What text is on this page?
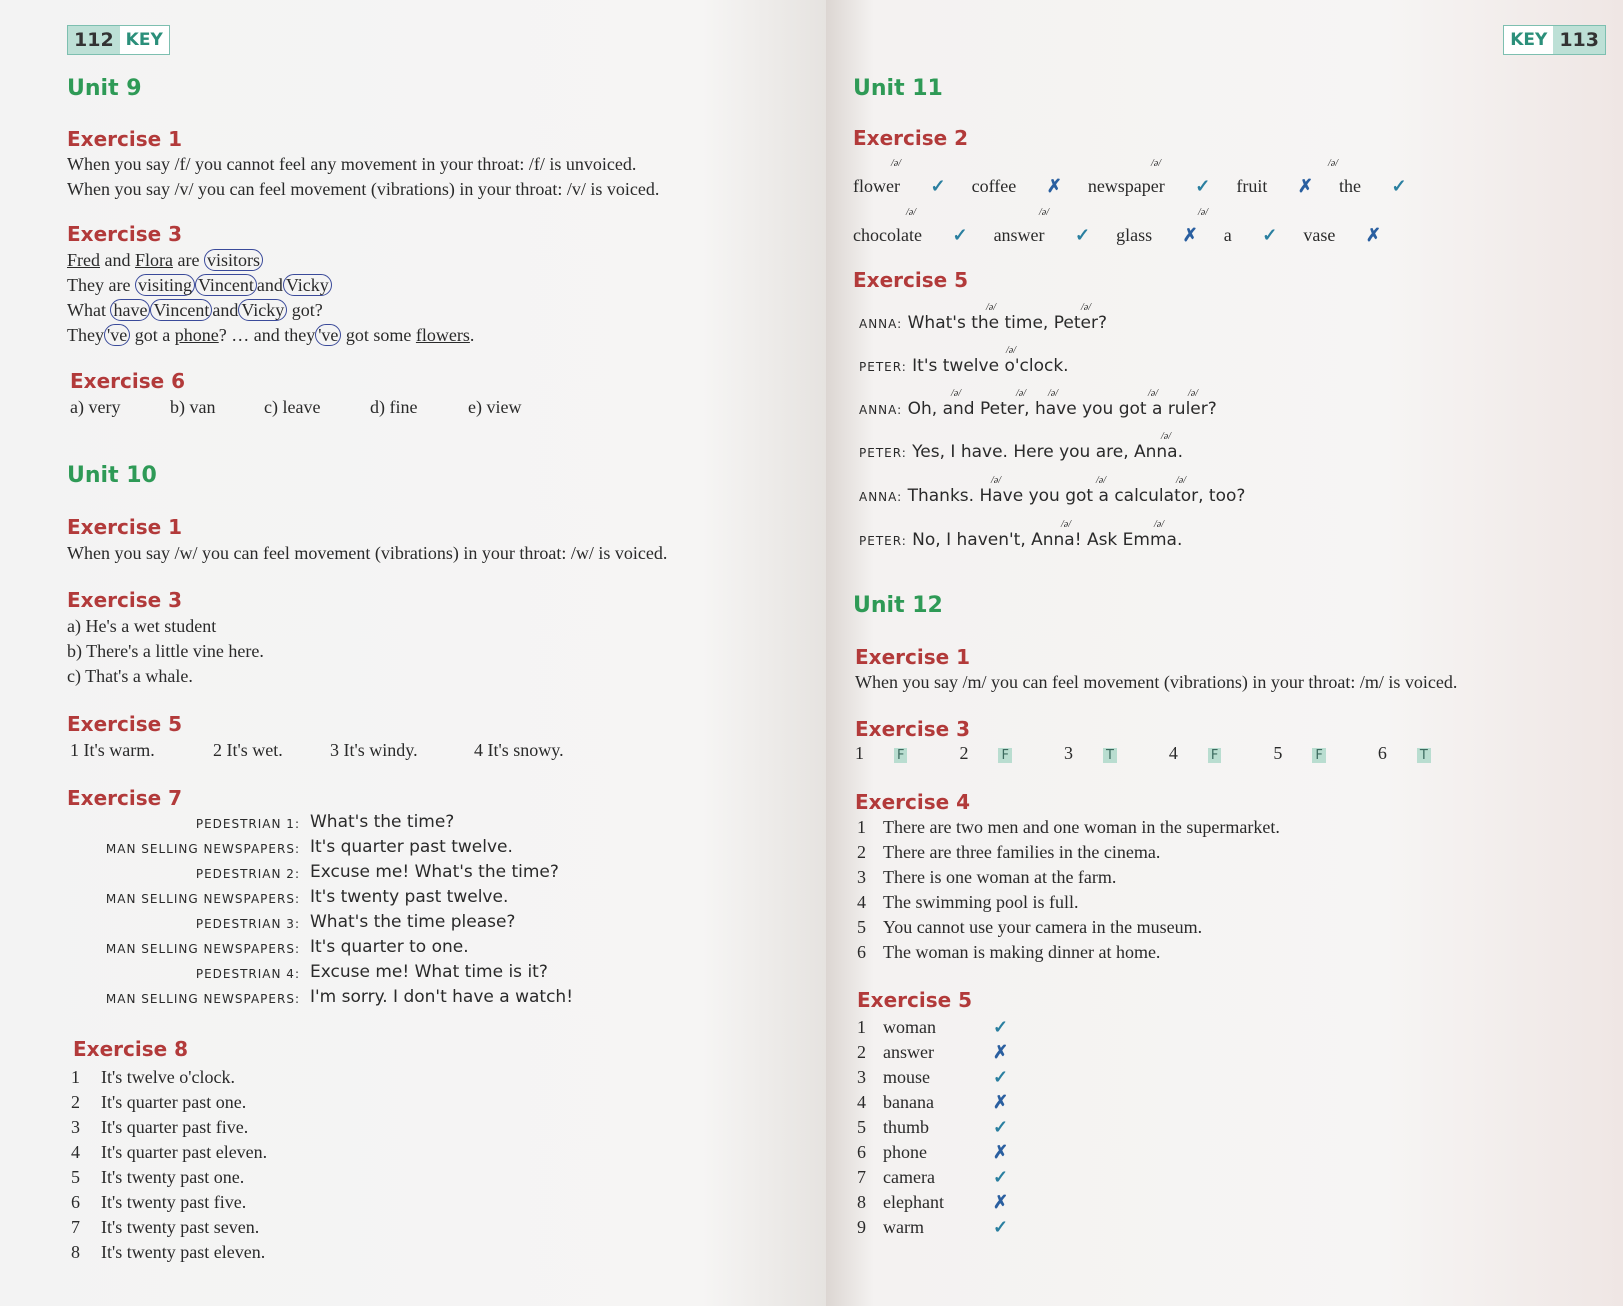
112 KEY
Unit 9
Exercise 1
When you say /f/ you cannot feel any movement in your throat: /f/ is unvoiced.
When you say /v/ you can feel movement (vibrations) in your throat: /v/ is voiced.
Exercise 3
Fred and Flora are visitors
They are visiting Vincent and Vicky
What have Vincent and Vicky got?
They 've got a phone? … and they 've got some flowers.
Exercise 6
a) very	b) van	c) leave	d) fine	e) view
Unit 10
Exercise 1
When you say /w/ you can feel movement (vibrations) in your throat: /w/ is voiced.
Exercise 3
a) He's a wet student
b) There's a little vine here.
c) That's a whale.
Exercise 5
1 It's warm.	2 It's wet.	3 It's windy.	4 It's snowy.
Exercise 7
PEDESTRIAN 1: What's the time?
MAN SELLING NEWSPAPERS: It's quarter past twelve.
PEDESTRIAN 2: Excuse me! What's the time?
MAN SELLING NEWSPAPERS: It's twenty past twelve.
PEDESTRIAN 3: What's the time please?
MAN SELLING NEWSPAPERS: It's quarter to one.
PEDESTRIAN 4: Excuse me! What time is it?
MAN SELLING NEWSPAPERS: I'm sorry. I don't have a watch!
Exercise 8
1 It's twelve o'clock.
2 It's quarter past one.
3 It's quarter past five.
4 It's quarter past eleven.
5 It's twenty past one.
6 It's twenty past five.
7 It's twenty past seven.
8 It's twenty past eleven.
KEY 113
Unit 11
Exercise 2
flower ✓ coffee ✗ newspaper ✓ fruit ✗ the ✓
chocolate ✓ answer ✓ glass ✗ a ✓ vase ✗
/ə/	/ə/	/ə/
/ə/	/ə/	/ə/
Exercise 5
ANNA: What's the time, Peter?
PETER: It's twelve o'clock.
ANNA: Oh, and Peter, have you got a ruler?
PETER: Yes, I have. Here you are, Anna.
ANNA: Thanks. Have you got a calculator, too?
PETER: No, I haven't, Anna! Ask Emma.
/ə/	/ə/
/ə/
/ə/	/ə/ /ə/	/ə/	/ə/
/ə/
/ə/	/ə/	/ə/
/ə/	/ə/
Unit 12
Exercise 1
When you say /m/ you can feel movement (vibrations) in your throat: /m/ is voiced.
Exercise 3
1	F	2	F	3	T	4	F	5	F	6	T
Exercise 4
1 There are two men and one woman in the supermarket.
2 There are three families in the cinema.
3 There is one woman at the farm.
4 The swimming pool is full.
5 You cannot use your camera in the museum.
6 The woman is making dinner at home.
Exercise 5
1 woman	✓
2 answer	✗
3 mouse	✓
4 banana	✗
5 thumb	✓
6 phone	✗
7 camera	✓
8 elephant	✗
9 warm	✓
